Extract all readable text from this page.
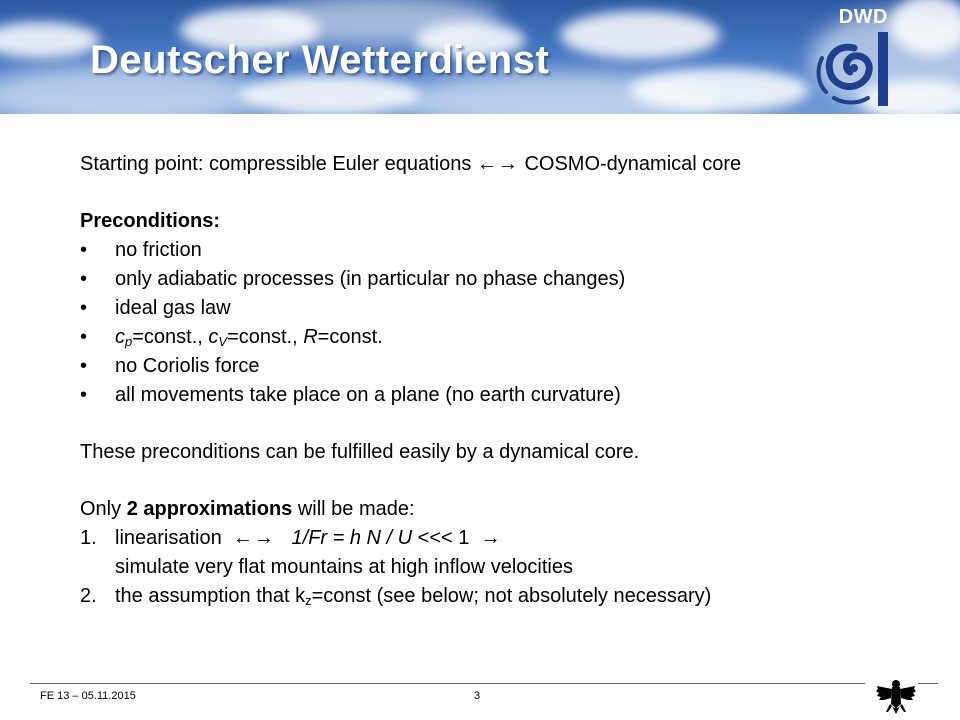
Deutscher Wetterdienst
DWD

Starting point: compressible Euler equations ←→ COSMO-dynamical core

Preconditions:

•	no friction
•	only adiabatic processes (in particular no phase changes)
•	ideal gas law
•	$c_p=const$., $c_V=const$., R=const.
•	no Coriolis force
•	all movements take place on a plane (no earth curvature)

These preconditions can be fulfilled easily by a dynamical core.

Only 2 approximations will be made:

1. linearisation ←→ 1/Fr = h N / U <<< 1 →
simulate very flat mountains at high inflow velocities
2. the assumption that $k_z=const$ (see below; not absolutely necessary)
FE 13 – 05.11.2015	3
